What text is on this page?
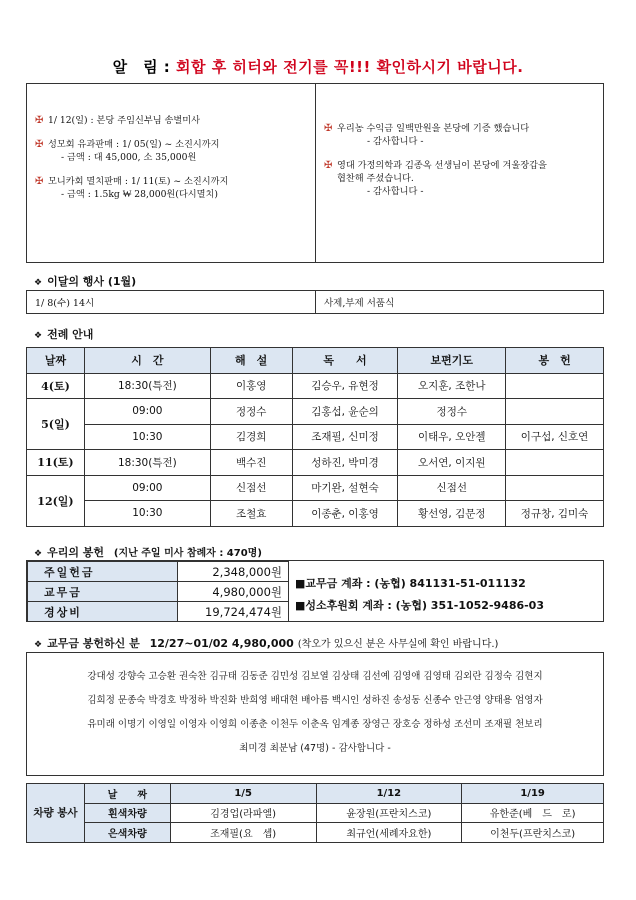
알　림 : 회합 후 히터와 전기를 꼭!!! 확인하시기 바랍니다.
✠ 1/ 12(일) : 본당 주임신부님 송별미사
✠ 성모회 유과판매 : 1/ 05(일) ~ 소진시까지
- 금액 : 대 45,000, 소 35,000원
✠ 모니카회 멸치판매 : 1/ 11(토) ~ 소진시까지
- 금액 : 1.5kg ₩ 28,000원(다시멸치)
✠ 우리농 수익금 일백만원을 본당에 기증 했습니다
- 감사합니다 -
✠ 영대 가정의학과 김종옥 선생님이 본당에 겨울장갑을
협찬해 주셨습니다.
- 감사합니다 -
❖ 이달의 행사 (1월)
1/ 8(수) 14시	사제,부제 서품식
❖ 전례 안내
날짜	시　간	해　설	독　　서	보편기도	봉　헌
4(토)	18:30(특전)	이홍영	김승우, 유현정	오지훈, 조한나	
5(일)	09:00	정정수	김홍섭, 윤순의	정정수	
	10:30	김경희	조재필, 신미정	이태우, 오안젤	이구섭, 신호연
11(토)	18:30(특전)	백수진	성하진, 박미경	오서연, 이지원	
12(일)	09:00	신점선	마기완, 설현숙	신점선	
	10:30	조철효	이종춘, 이홍영	황선영, 김문정	정규창, 김미숙
❖ 우리의 봉헌 (지난 주일 미사 참례자 : 470명)
주일헌금	2,348,000원
교무금	4,980,000원
경상비	19,724,474원
■교무금 계좌 : (농협) 841131-51-011132
■성소후원회 계좌 : (농협) 351-1052-9486-03
❖ 교무금 봉헌하신 분 12/27~01/02 4,980,000 (착오가 있으신 분은 사무실에 확인 바랍니다.)
강대성 강향숙 고승환 권숙찬 김규태 김동준 김민성 김보열 김상태 김선예 김영애 김영태 김외란 김정숙 김현지
김희정 문종숙 박경호 박정하 박진화 반희영 배대현 배아름 백시인 성하진 송성동 신종수 안근영 양태용 엄영자
유미래 이명기 이영일 이영자 이영희 이종춘 이천두 이춘옥 임계종 장영근 장호승 정하성 조선미 조재필 천보리
최미경 최분남 (47명) - 감사합니다 -
차량 봉사	날　　짜	1/5	1/12	1/19
	흰색차량	김경업(라파엘)	윤장원(프란치스코)	유한준(베　드　로)
	은색차량	조재필(요　셉)	최규언(세례자요한)	이천두(프란치스코)
